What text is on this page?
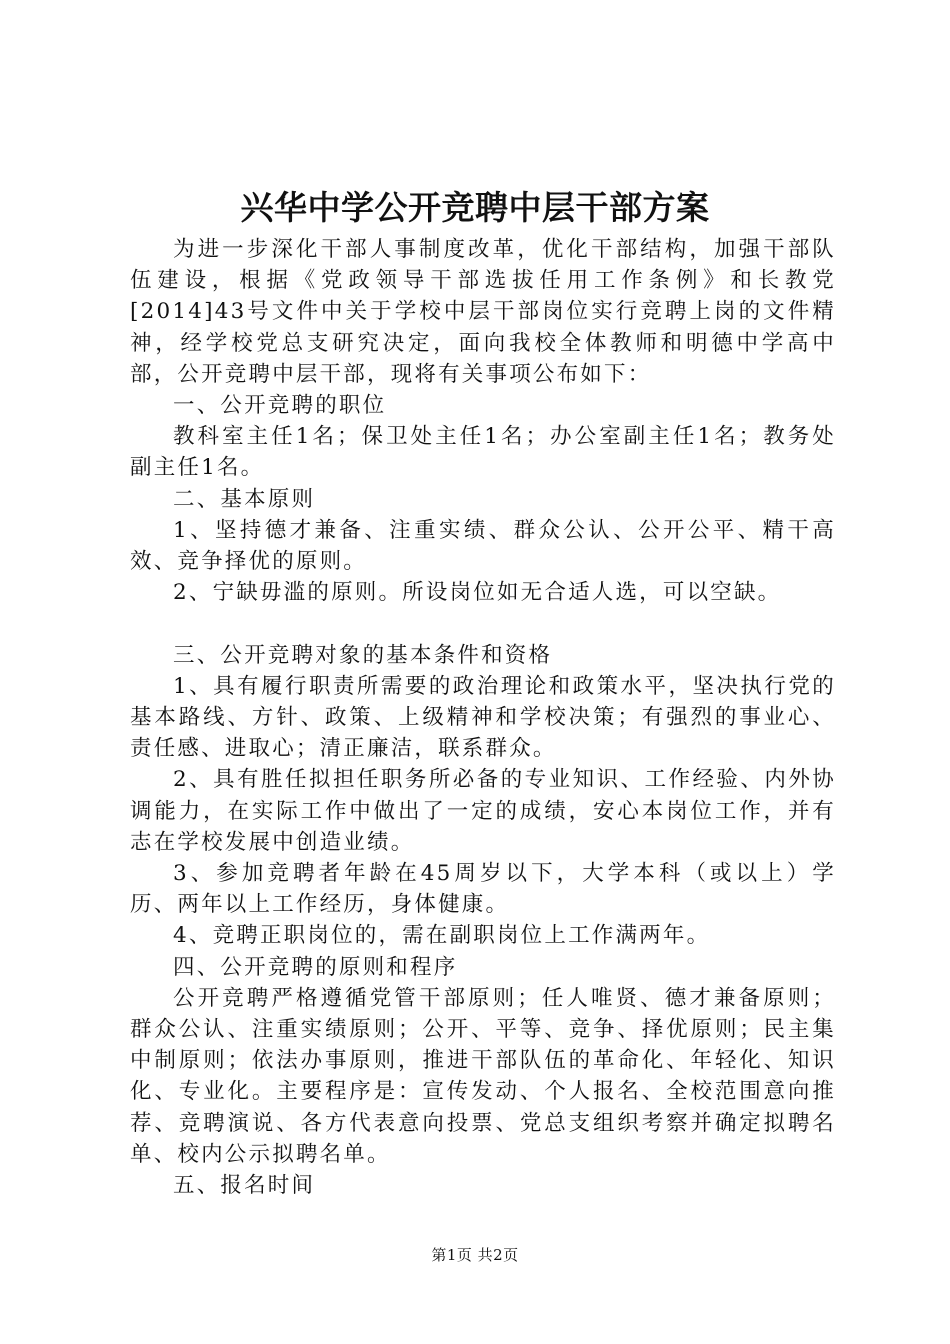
兴华中学公开竞聘中层干部方案

为进一步深化干部人事制度改革，优化干部结构，加强干部队伍建设，根据《党政领导干部选拔任用工作条例》和长教党[2014]43号文件中关于学校中层干部岗位实行竞聘上岗的文件精神，经学校党总支研究决定，面向我校全体教师和明德中学高中部，公开竞聘中层干部，现将有关事项公布如下：

一、公开竞聘的职位

教科室主任1名；保卫处主任1名；办公室副主任1名；教务处副主任1名。

二、基本原则

1、坚持德才兼备、注重实绩、群众公认、公开公平、精干高效、竞争择优的原则。

2、宁缺毋滥的原则。所设岗位如无合适人选，可以空缺。

三、公开竞聘对象的基本条件和资格

1、具有履行职责所需要的政治理论和政策水平，坚决执行党的基本路线、方针、政策、上级精神和学校决策；有强烈的事业心、责任感、进取心；清正廉洁，联系群众。

2、具有胜任拟担任职务所必备的专业知识、工作经验、内外协调能力，在实际工作中做出了一定的成绩，安心本岗位工作，并有志在学校发展中创造业绩。

3、参加竞聘者年龄在45周岁以下，大学本科（或以上）学历、两年以上工作经历，身体健康。

4、竞聘正职岗位的，需在副职岗位上工作满两年。

四、公开竞聘的原则和程序

公开竞聘严格遵循党管干部原则；任人唯贤、德才兼备原则；群众公认、注重实绩原则；公开、平等、竞争、择优原则；民主集中制原则；依法办事原则，推进干部队伍的革命化、年轻化、知识化、专业化。主要程序是：宣传发动、个人报名、全校范围意向推荐、竞聘演说、各方代表意向投票、党总支组织考察并确定拟聘名单、校内公示拟聘名单。

五、报名时间

第1页 共2页
